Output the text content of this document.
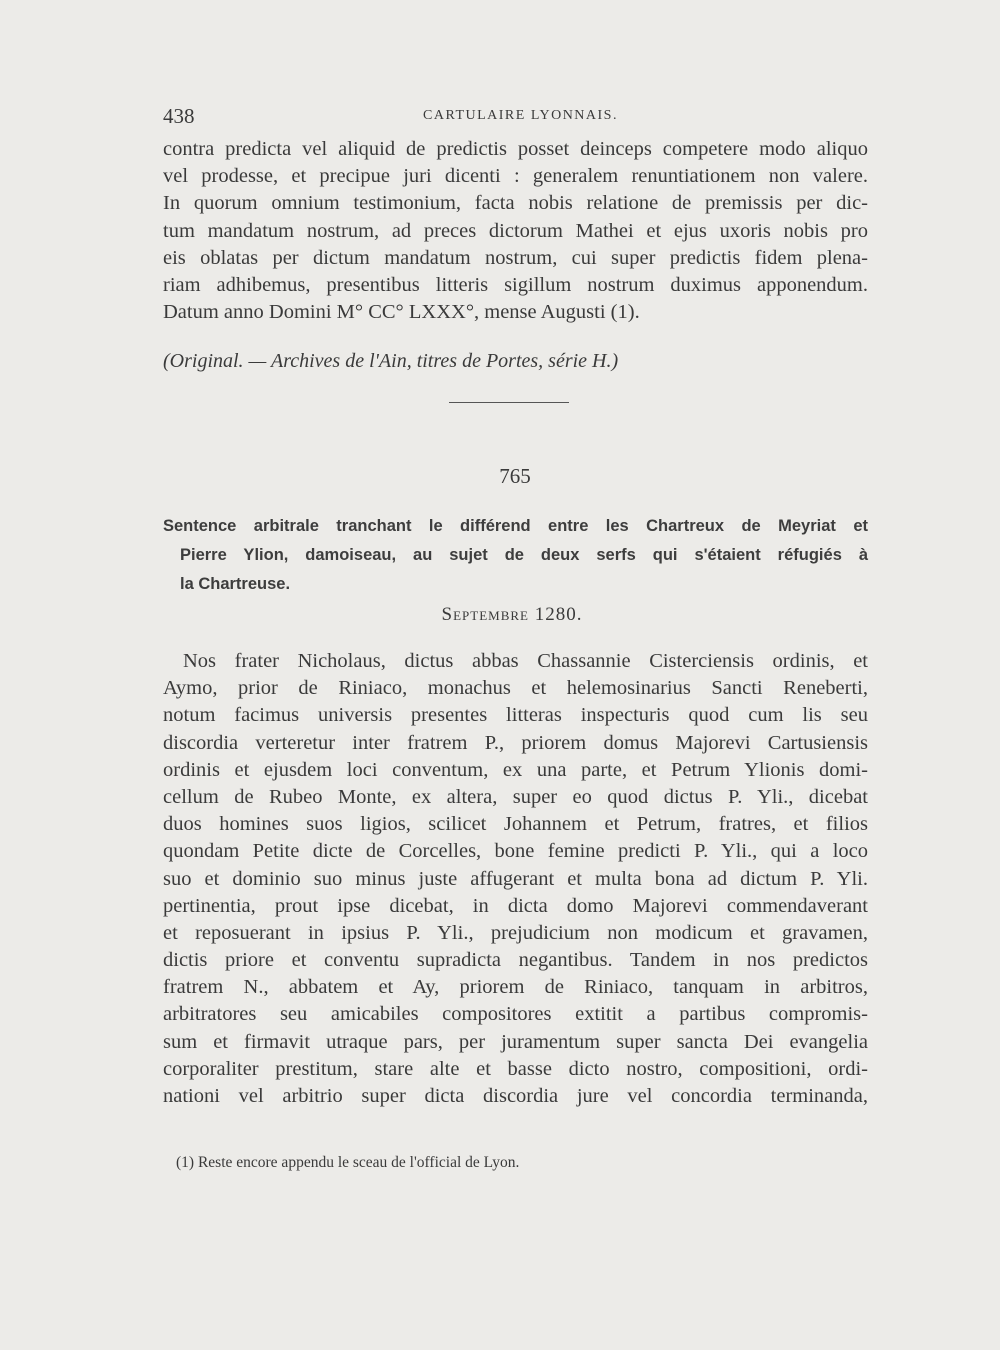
438	CARTULAIRE LYONNAIS.
contra predicta vel aliquid de predictis posset deinceps competere modo aliquo
vel prodesse, et precipue juri dicenti : generalem renuntiationem non valere.
In quorum omnium testimonium, facta nobis relatione de premissis per dic-
tum mandatum nostrum, ad preces dictorum Mathei et ejus uxoris nobis pro
eis oblatas per dictum mandatum nostrum, cui super predictis fidem plena-
riam adhibemus, presentibus litteris sigillum nostrum duximus apponendum.
Datum anno Domini M° CC° LXXX°, mense Augusti (1).
(Original. — Archives de l'Ain, titres de Portes, série H.)
765
Sentence arbitrale tranchant le différend entre les Chartreux de Meyriat et
Pierre Ylion, damoiseau, au sujet de deux serfs qui s'étaient réfugiés à
la Chartreuse.
Septembre 1280.
Nos frater Nicholaus, dictus abbas Chassannie Cisterciensis ordinis, et
Aymo, prior de Riniaco, monachus et helemosinarius Sancti Reneberti,
notum facimus universis presentes litteras inspecturis quod cum lis seu
discordia verteretur inter fratrem P., priorem domus Majorevi Cartusiensis
ordinis et ejusdem loci conventum, ex una parte, et Petrum Ylionis domi-
cellum de Rubeo Monte, ex altera, super eo quod dictus P. Yli., dicebat
duos homines suos ligios, scilicet Johannem et Petrum, fratres, et filios
quondam Petite dicte de Corcelles, bone femine predicti P. Yli., qui a loco
suo et dominio suo minus juste affugerant et multa bona ad dictum P. Yli.
pertinentia, prout ipse dicebat, in dicta domo Majorevi commendaverant
et reposuerant in ipsius P. Yli., prejudicium non modicum et gravamen,
dictis priore et conventu supradicta negantibus. Tandem in nos predictos
fratrem N., abbatem et Ay, priorem de Riniaco, tanquam in arbitros,
arbitratores seu amicabiles compositores extitit a partibus compromis-
sum et firmavit utraque pars, per juramentum super sancta Dei evangelia
corporaliter prestitum, stare alte et basse dicto nostro, compositioni, ordi-
nationi vel arbitrio super dicta discordia jure vel concordia terminanda,
(1) Reste encore appendu le sceau de l'official de Lyon.
